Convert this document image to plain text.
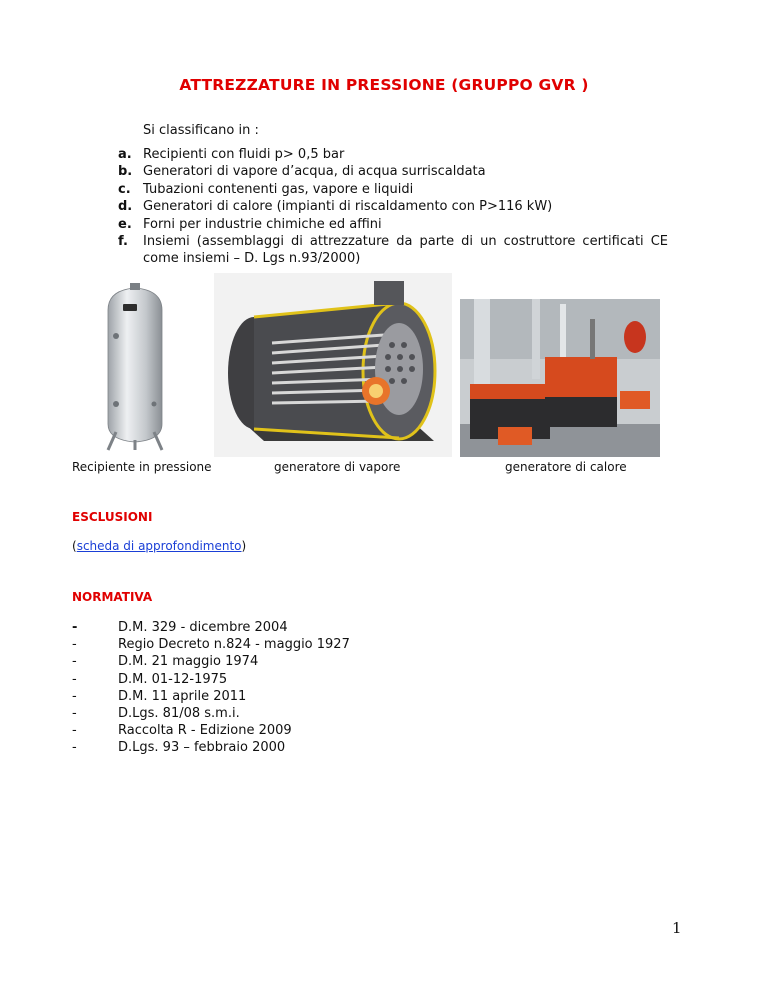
ATTREZZATURE IN PRESSIONE (GRUPPO GVR )
Si classificano in :
a. Recipienti con fluidi p> 0,5 bar
b. Generatori di vapore d’acqua, di acqua surriscaldata
c. Tubazioni contenenti gas, vapore e liquidi
d. Generatori di calore (impianti di riscaldamento con P>116 kW)
e. Forni per industrie chimiche ed affini
f.	Insiemi (assemblaggi di attrezzature da parte di un costruttore certificati CE come insiemi – D. Lgs n.93/2000)
Recipiente in pressione	generatore di vapore	generatore di calore
ESCLUSIONI
(scheda di approfondimento)
NORMATIVA
-	D.M. 329 - dicembre 2004
-	Regio Decreto n.824 - maggio 1927
-	D.M. 21 maggio 1974
-	D.M. 01-12-1975
-	D.M. 11 aprile 2011
-	D.Lgs. 81/08 s.m.i.
-	Raccolta R - Edizione 2009
-	D.Lgs. 93 – febbraio 2000
1
